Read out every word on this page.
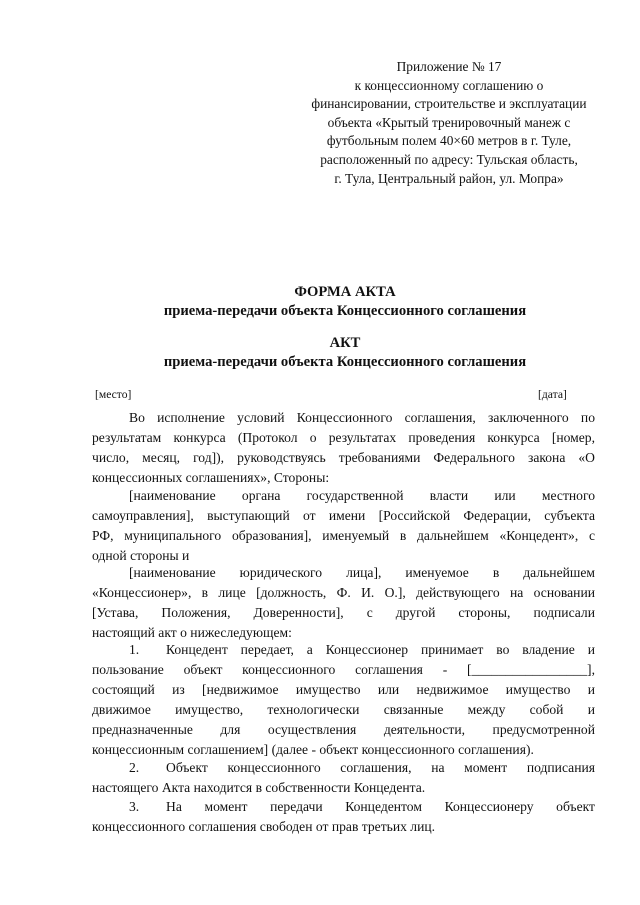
Приложение № 17
к концессионному соглашению о
финансировании, строительстве и эксплуатации
объекта «Крытый тренировочный манеж с
футбольным полем 40×60 метров в г. Туле,
расположенный по адресу: Тульская область,
г. Тула, Центральный район, ул. Мопра»
ФОРМА АКТА
приема-передачи объекта Концессионного соглашения
АКТ
приема-передачи объекта Концессионного соглашения
[место]	[дата]
Во исполнение условий Концессионного соглашения, заключенного по
результатам конкурса (Протокол о результатах проведения конкурса [номер,
число, месяц, год]), руководствуясь требованиями Федерального закона «О
концессионных соглашениях», Стороны:
[наименование органа государственной власти или местного
самоуправления], выступающий от имени [Российской Федерации, субъекта
РФ, муниципального образования], именуемый в дальнейшем «Концедент», с
одной стороны и
[наименование юридического лица], именуемое в дальнейшем
«Концессионер», в лице [должность, Ф. И. О.], действующего на основании
[Устава, Положения, Доверенности], с другой стороны, подписали
настоящий акт о нижеследующем:
1. Концедент передает, а Концессионер принимает во владение и
пользование объект концессионного соглашения - [_________________],
состоящий из [недвижимое имущество или недвижимое имущество и
движимое имущество, технологически связанные между собой и
предназначенные для осуществления деятельности, предусмотренной
концессионным соглашением] (далее - объект концессионного соглашения).
2. Объект концессионного соглашения, на момент подписания
настоящего Акта находится в собственности Концедента.
3. На момент передачи Концедентом Концессионеру объект
концессионного соглашения свободен от прав третьих лиц.
